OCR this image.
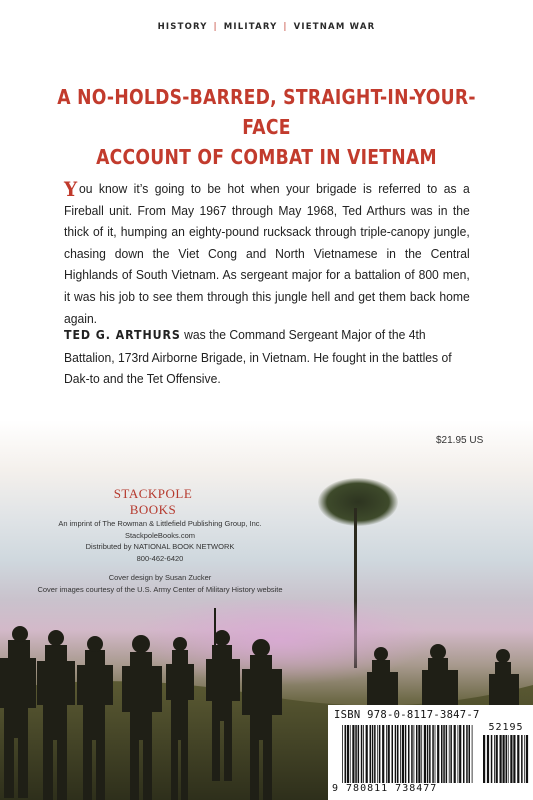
HISTORY | MILITARY | VIETNAM WAR
A NO-HOLDS-BARRED, STRAIGHT-IN-YOUR-FACE
ACCOUNT OF COMBAT IN VIETNAM
You know it’s going to be hot when your brigade is referred to as a Fireball unit. From May 1967 through May 1968, Ted Arthurs was in the thick of it, humping an eighty-pound rucksack through triple-canopy jungle, chasing down the Viet Cong and North Vietnamese in the Central Highlands of South Vietnam. As sergeant major for a battalion of 800 men, it was his job to see them through this jungle hell and get them back home again.
TED G. ARTHURS was the Command Sergeant Major of the 4th Battalion, 173rd Airborne Brigade, in Vietnam. He fought in the battles of Dak-to and the Tet Offensive.
$21.95 US
STACKPOLE
BOOKS
An imprint of The Rowman & Littlefield Publishing Group, Inc.
StackpoleBooks.com
Distributed by NATIONAL BOOK NETWORK
800-462-6420
Cover design by Susan Zucker
Cover images courtesy of the U.S. Army Center of Military History website
ISBN 978-0-8117-3847-7
52195
9 780811 738477
